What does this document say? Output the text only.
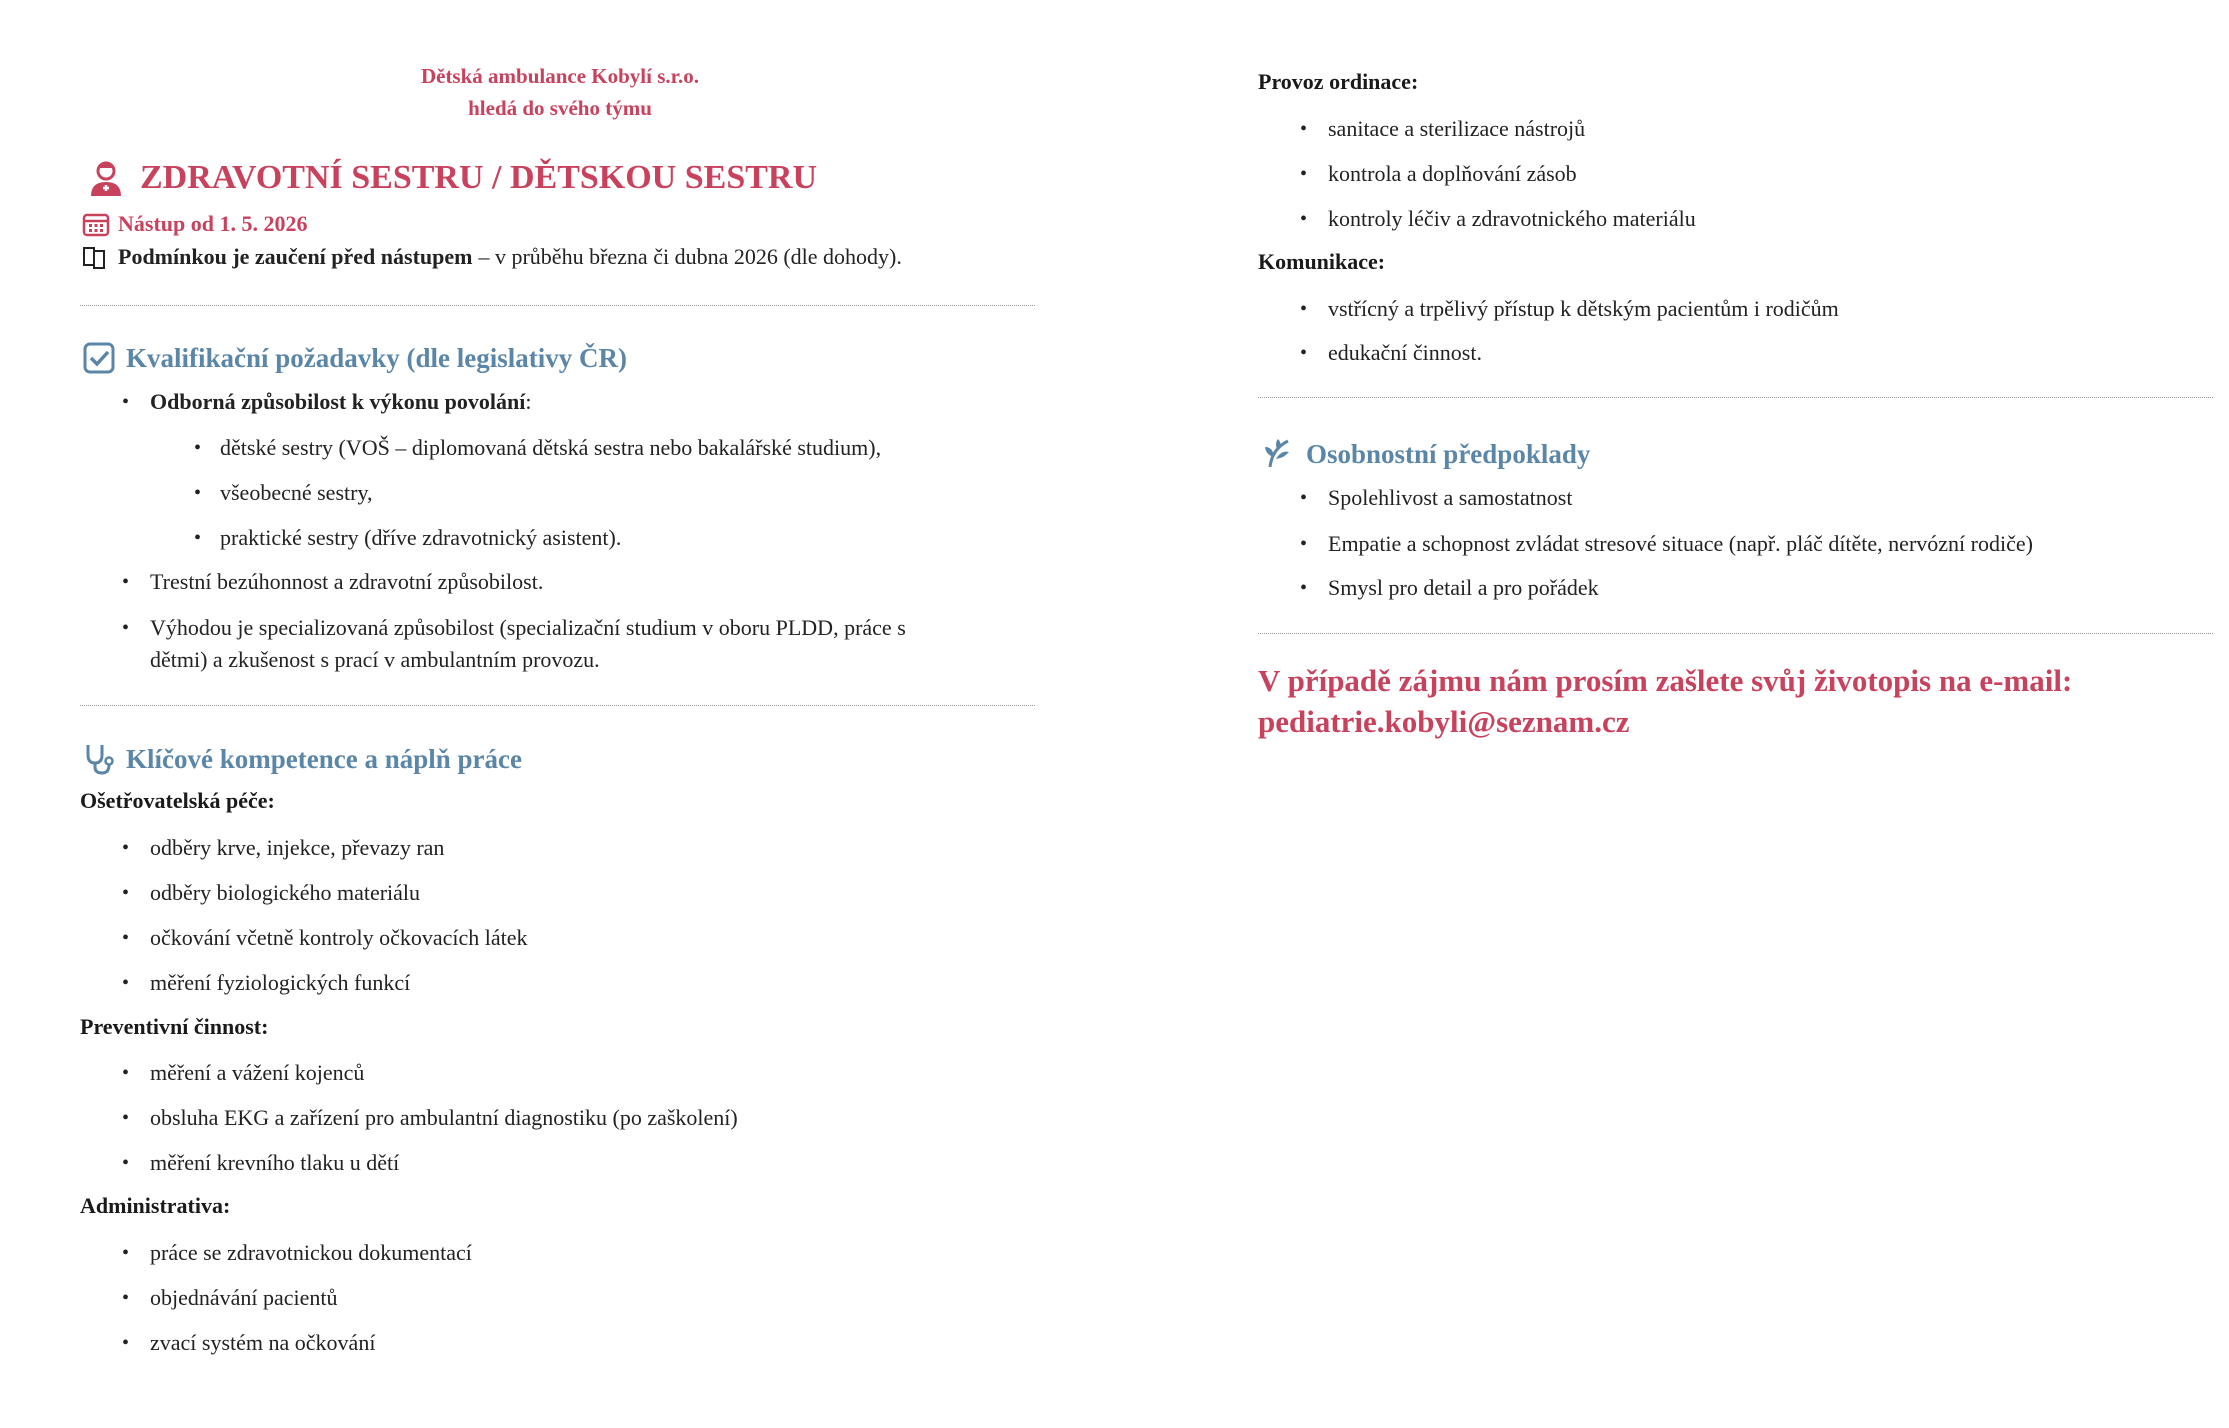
Dětská ambulance Kobylí s.r.o.
hledá do svého týmu
ZDRAVOTNÍ SESTRU / DĚTSKOU SESTRU
Nástup od 1. 5. 2026
Podmínkou je zaučení před nástupem – v průběhu března či dubna 2026 (dle dohody).
Kvalifikační požadavky (dle legislativy ČR)
• Odborná způsobilost k výkonu povolání:
• dětské sestry (VOŠ – diplomovaná dětská sestra nebo bakalářské studium),
• všeobecné sestry,
• praktické sestry (dříve zdravotnický asistent).
• Trestní bezúhonnost a zdravotní způsobilost.
• Výhodou je specializovaná způsobilost (specializační studium v oboru PLDD, práce s
dětmi) a zkušenost s prací v ambulantním provozu.
Klíčové kompetence a náplň práce
Ošetřovatelská péče:
• odběry krve, injekce, převazy ran
• odběry biologického materiálu
• očkování včetně kontroly očkovacích látek
• měření fyziologických funkcí
Preventivní činnost:
• měření a vážení kojenců
• obsluha EKG a zařízení pro ambulantní diagnostiku (po zaškolení)
• měření krevního tlaku u dětí
Administrativa:
• práce se zdravotnickou dokumentací
• objednávání pacientů
• zvací systém na očkování
Provoz ordinace:
• sanitace a sterilizace nástrojů
• kontrola a doplňování zásob
• kontroly léčiv a zdravotnického materiálu
Komunikace:
• vstřícný a trpělivý přístup k dětským pacientům i rodičům
• edukační činnost.
Osobnostní předpoklady
• Spolehlivost a samostatnost
• Empatie a schopnost zvládat stresové situace (např. pláč dítěte, nervózní rodiče)
• Smysl pro detail a pro pořádek
V případě zájmu nám prosím zašlete svůj životopis na e-mail:
pediatrie.kobyli@seznam.cz
